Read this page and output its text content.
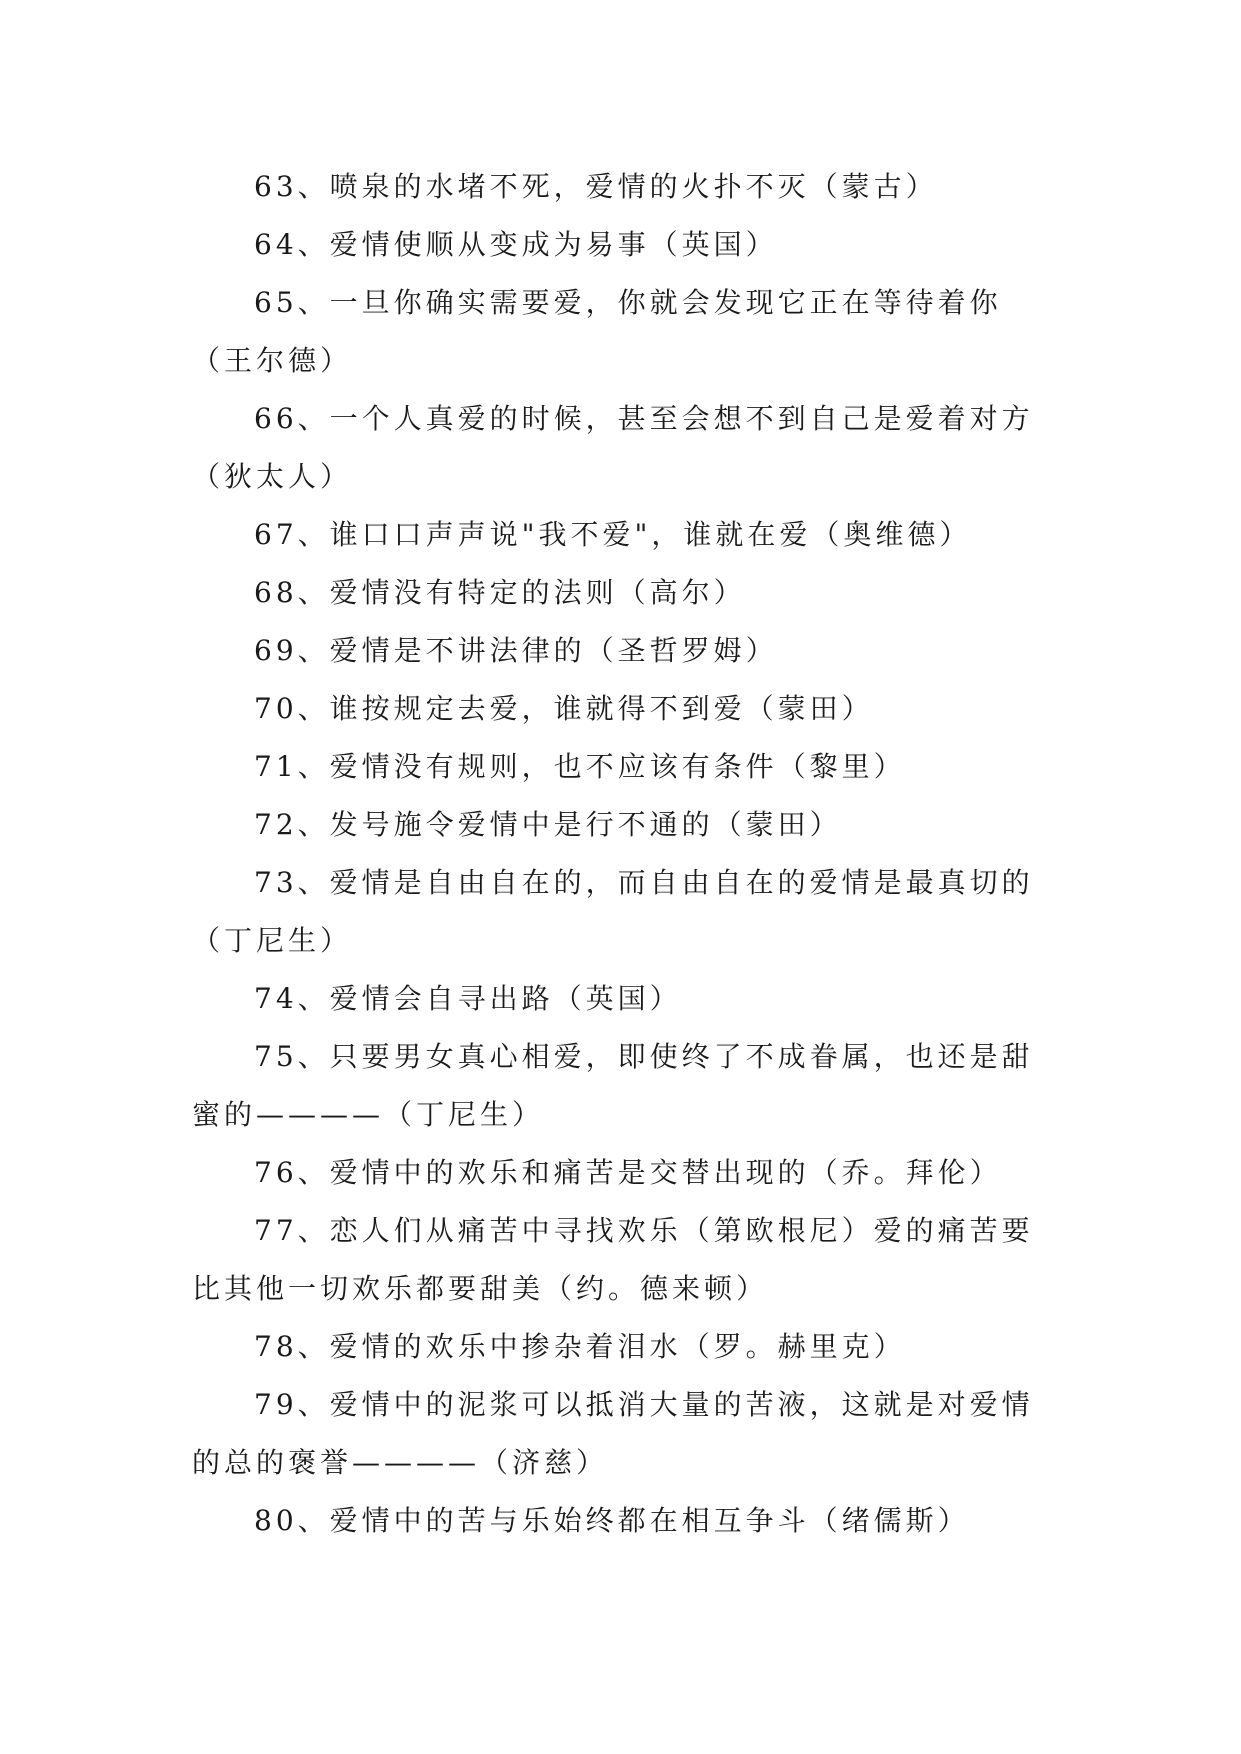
63、喷泉的水堵不死，爱情的火扑不灭（蒙古）

64、爱情使顺从变成为易事（英国）

65、一旦你确实需要爱，你就会发现它正在等待着你（王尔德）

66、一个人真爱的时候，甚至会想不到自己是爱着对方（狄太人）

67、谁口口声声说"我不爱"，谁就在爱（奥维德）

68、爱情没有特定的法则（高尔）

69、爱情是不讲法律的（圣哲罗姆）

70、谁按规定去爱，谁就得不到爱（蒙田）

71、爱情没有规则，也不应该有条件（黎里）

72、发号施令爱情中是行不通的（蒙田）

73、爱情是自由自在的，而自由自在的爱情是最真切的（丁尼生）

74、爱情会自寻出路（英国）

75、只要男女真心相爱，即使终了不成眷属，也还是甜蜜的————（丁尼生）

76、爱情中的欢乐和痛苦是交替出现的（乔。拜伦）

77、恋人们从痛苦中寻找欢乐（第欧根尼）爱的痛苦要比其他一切欢乐都要甜美（约。德来顿）

78、爱情的欢乐中掺杂着泪水（罗。赫里克）

79、爱情中的泥浆可以抵消大量的苦液，这就是对爱情的总的褒誉————（济慈）

80、爱情中的苦与乐始终都在相互争斗（绪儒斯）
